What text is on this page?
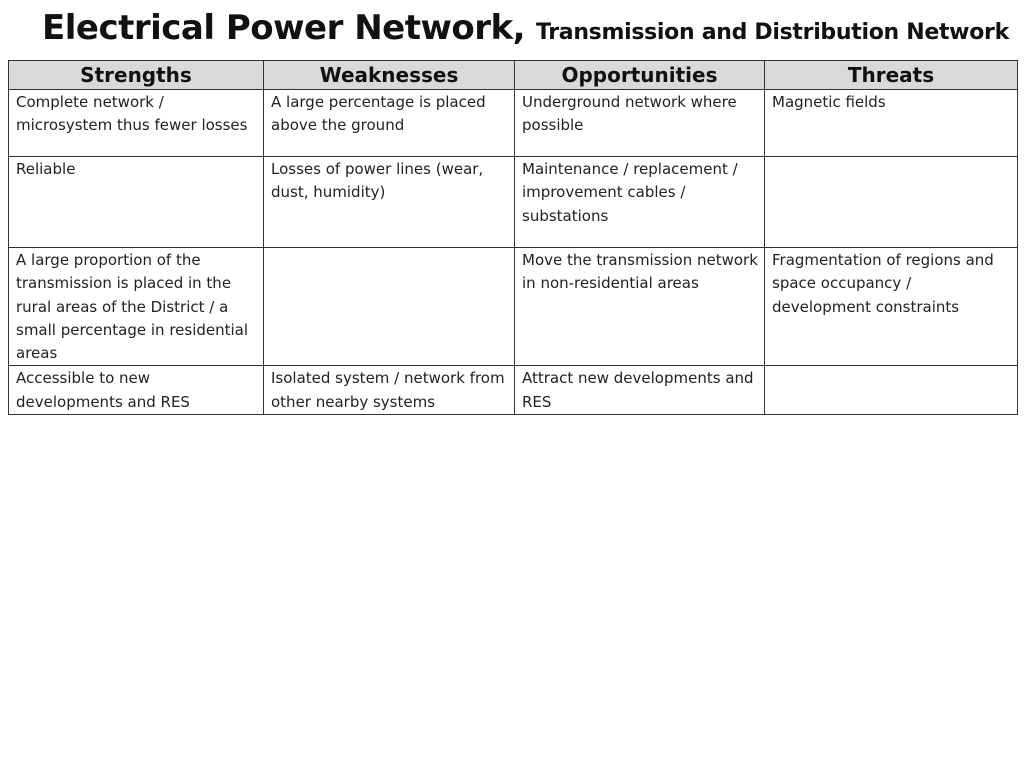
Electrical Power Network, Transmission and Distribution Network
Strengths	Weaknesses	Opportunities	Threats
Complete network / microsystem thus fewer losses	A large percentage is placed above the ground	Underground network where possible	Magnetic fields
Reliable	Losses of power lines (wear, dust, humidity)	Maintenance / replacement / improvement cables / substations	
A large proportion of the transmission is placed in the rural areas of the District / a small percentage in residential areas		Move the transmission network in non-residential areas	Fragmentation of regions and space occupancy / development constraints
Accessible to new developments and RES	Isolated system / network from other nearby systems	Attract new developments and RES	
